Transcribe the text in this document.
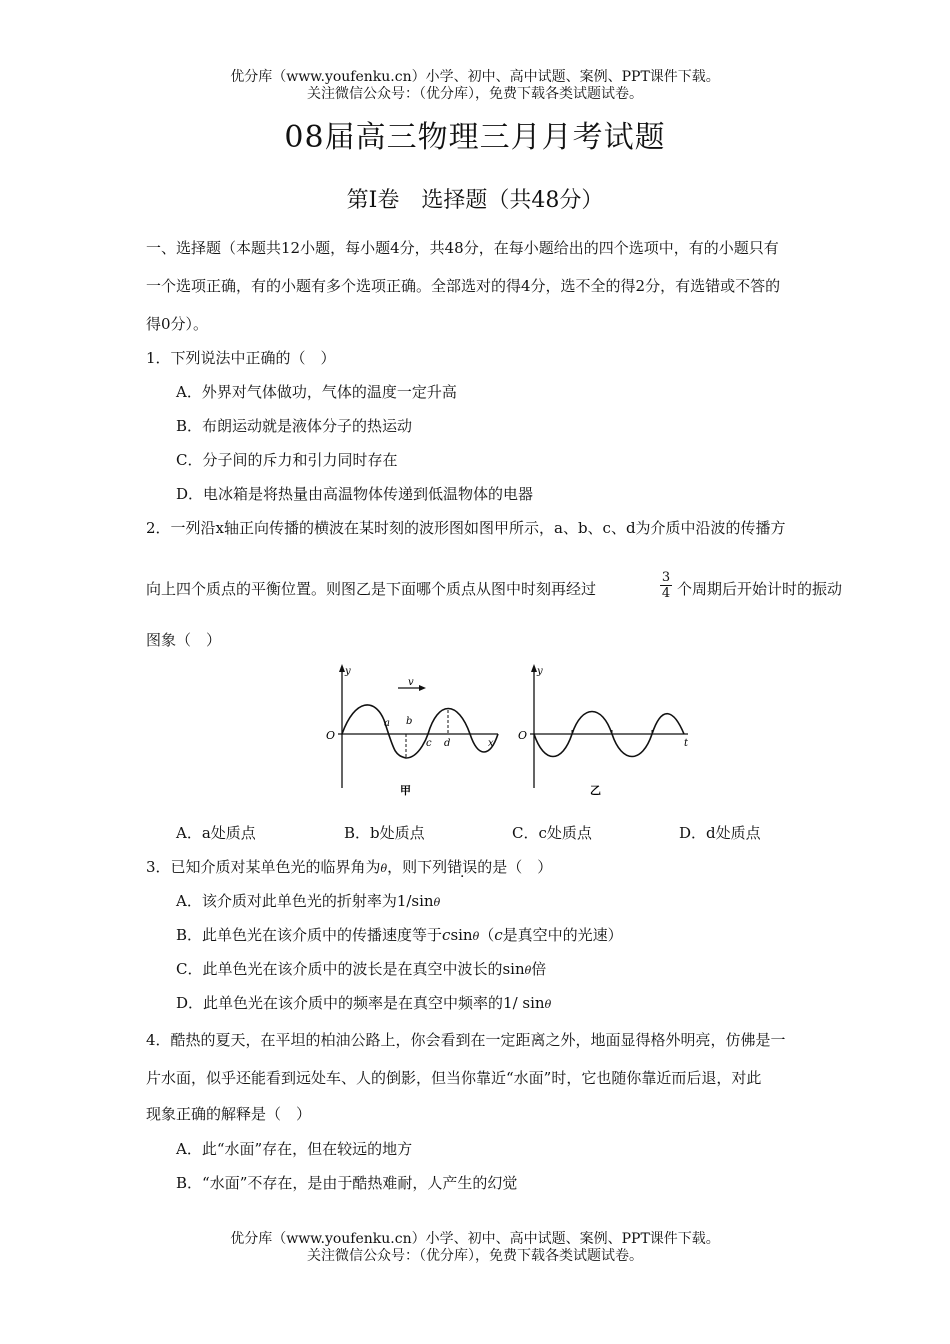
优分库（www.youfenku.cn）小学、初中、高中试题、案例、PPT课件下载。
关注微信公众号：（优分库），免费下载各类试题试卷。
08届高三物理三月月考试题
第Ⅰ卷　选择题（共48分）
一、选择题（本题共12小题，每小题4分，共48分，在每小题给出的四个选项中，有的小题只有
一个选项正确，有的小题有多个选项正确。全部选对的得4分，选不全的得2分，有选错或不答的
得0分）。
1．下列说法中正确的（　）
A．外界对气体做功，气体的温度一定升高
B．布朗运动就是液体分子的热运动
C．分子间的斥力和引力同时存在
D．电冰箱是将热量由高温物体传递到低温物体的电器
2．一列沿x轴正向传播的横波在某时刻的波形图如图甲所示，a、b、c、d为介质中沿波的传播方
向上四个质点的平衡位置。则图乙是下面哪个质点从图中时刻再经过	$\frac{3}{4}$ 个周期后开始计时的振动
图象（　）
y
O
v
a b
c d	x
甲
y
O
t
乙
A．a处质点	B．b处质点	C．c处质点	D．d处质点
3．已知介质对某单色光的临界角为θ，则下列错误的是（　）
A．该介质对此单色光的折射率为1/sinθ
B．此单色光在该介质中的传播速度等于csinθ（c是真空中的光速）
C．此单色光在该介质中的波长是在真空中波长的sinθ倍
D．此单色光在该介质中的频率是在真空中频率的1/ sinθ
4．酷热的夏天，在平坦的柏油公路上，你会看到在一定距离之外，地面显得格外明亮，仿佛是一
片水面，似乎还能看到远处车、人的倒影，但当你靠近“水面”时，它也随你靠近而后退，对此
现象正确的解释是（　）
A．此“水面”存在，但在较远的地方
B．“水面”不存在，是由于酷热难耐，人产生的幻觉
优分库（www.youfenku.cn）小学、初中、高中试题、案例、PPT课件下载。
关注微信公众号：（优分库），免费下载各类试题试卷。
